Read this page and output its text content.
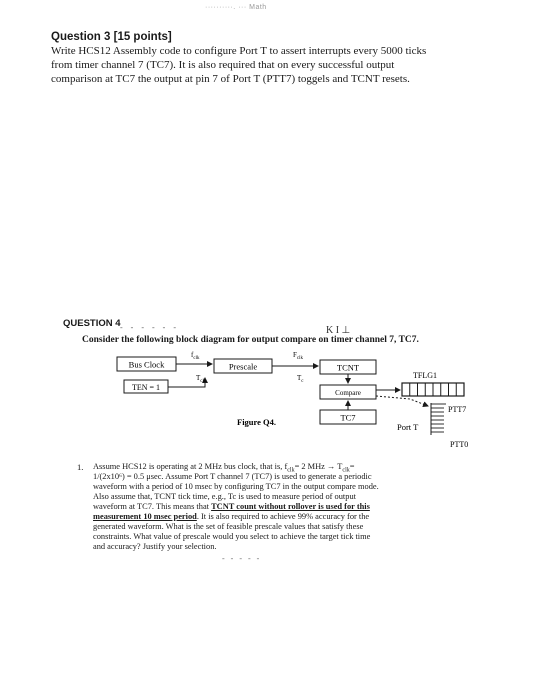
··········. ··· Math
Question 3 [15 points]
Write HCS12 Assembly code to configure Port T to assert interrupts every 5000 ticks
from timer channel 7 (TC7). It is also required that on every successful output
comparison at TC7 the output at pin 7 of Port T (PTT7) toggels and TCNT resets.
QUESTION 4 - - - - - -	K I ⊥
Consider the following block diagram for output compare on timer channel 7, TC7.
Bus Clock
TEN = 1
Prescale	TCNT
Compare
TC7
TFLG1
PTT7
PTT0
Port T
$f_{clk}$
$T_{clk}$
$F_{clk}$
$T_c$
Figure Q4.
1. Assume HCS12 is operating at 2 MHz bus clock, that is, $f_{clk}= 2$ MHz → $T_{clk}=$
1/(2x10⁶) = 0.5 μsec. Assume Port T channel 7 (TC7) is used to generate a periodic
waveform with a period of 10 msec by configuring TC7 in the output compare mode.
Also assume that, TCNT tick time, e.g., Tc is used to measure period of output
waveform at TC7. This means that TCNT count without rollover is used for this
measurement 10 msec period. It is also required to achieve 99% accuracy for the
generated waveform. What is the set of feasible prescale values that satisfy these
constraints. What value of prescale would you select to achieve the target tick time
and accuracy? Justify your selection.
- - - - -
